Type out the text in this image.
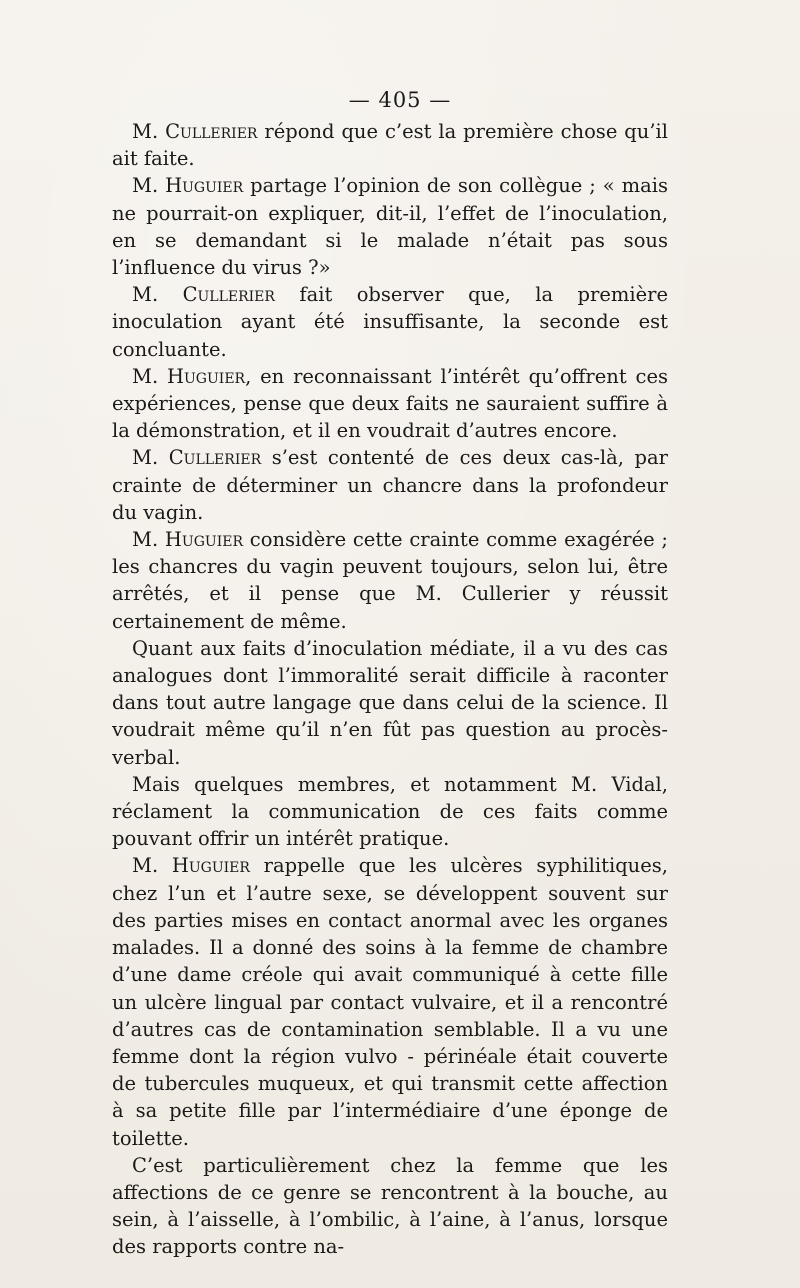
— 405 —

M. Cullerier répond que c’est la première chose qu’il ait faite.

M. Huguier partage l’opinion de son collègue ; « mais ne pourrait-on expliquer, dit-il, l’effet de l’inoculation, en se demandant si le malade n’était pas sous l’influence du virus ?»

M. Cullerier fait observer que, la première inoculation ayant été insuffisante, la seconde est concluante.

M. Huguier, en reconnaissant l’intérêt qu’offrent ces expériences, pense que deux faits ne sauraient suffire à la démonstration, et il en voudrait d’autres encore.

M. Cullerier s’est contenté de ces deux cas-là, par crainte de déterminer un chancre dans la profondeur du vagin.

M. Huguier considère cette crainte comme exagérée ; les chancres du vagin peuvent toujours, selon lui, être arrêtés, et il pense que M. Cullerier y réussit certainement de même.

Quant aux faits d’inoculation médiate, il a vu des cas analogues dont l’immoralité serait difficile à raconter dans tout autre langage que dans celui de la science. Il voudrait même qu’il n’en fût pas question au procès-verbal.

Mais quelques membres, et notamment M. Vidal, réclament la communication de ces faits comme pouvant offrir un intérêt pratique.

M. Huguier rappelle que les ulcères syphilitiques, chez l’un et l’autre sexe, se développent souvent sur des parties mises en contact anormal avec les organes malades. Il a donné des soins à la femme de chambre d’une dame créole qui avait communiqué à cette fille un ulcère lingual par contact vulvaire, et il a rencontré d’autres cas de contamination semblable. Il a vu une femme dont la région vulvo - périnéale était couverte de tubercules muqueux, et qui transmit cette affection à sa petite fille par l’intermédiaire d’une éponge de toilette.

C’est particulièrement chez la femme que les affections de ce genre se rencontrent à la bouche, au sein, à l’aisselle, à l’ombilic, à l’aine, à l’anus, lorsque des rapports contre na-
